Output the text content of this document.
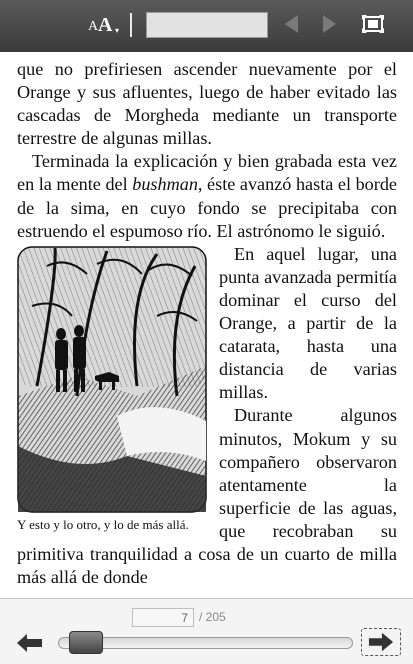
A A ▾

que no prefiriesen ascender nuevamente por el Orange y sus afluentes, luego de haber evitado las cascadas de Morgheda mediante un transporte terrestre de algunas millas.

Terminada la explicación y bien grabada esta vez en la mente del bushman, éste avanzó hasta el borde de la sima, en cuyo fondo se precipitaba con estruendo el espumoso río. El astrónomo le siguió.

Y esto y lo otro, y lo de más allá.

En aquel lugar, una punta avanzada permitía dominar el curso del Orange, a partir de la catarata, hasta una distancia de varias millas.

Durante algunos minutos, Mokum y su compañero observaron atentamente la superficie de las aguas, que recobraban su primitiva tranquilidad a cosa de un cuarto de milla más allá de donde

7 / 205
